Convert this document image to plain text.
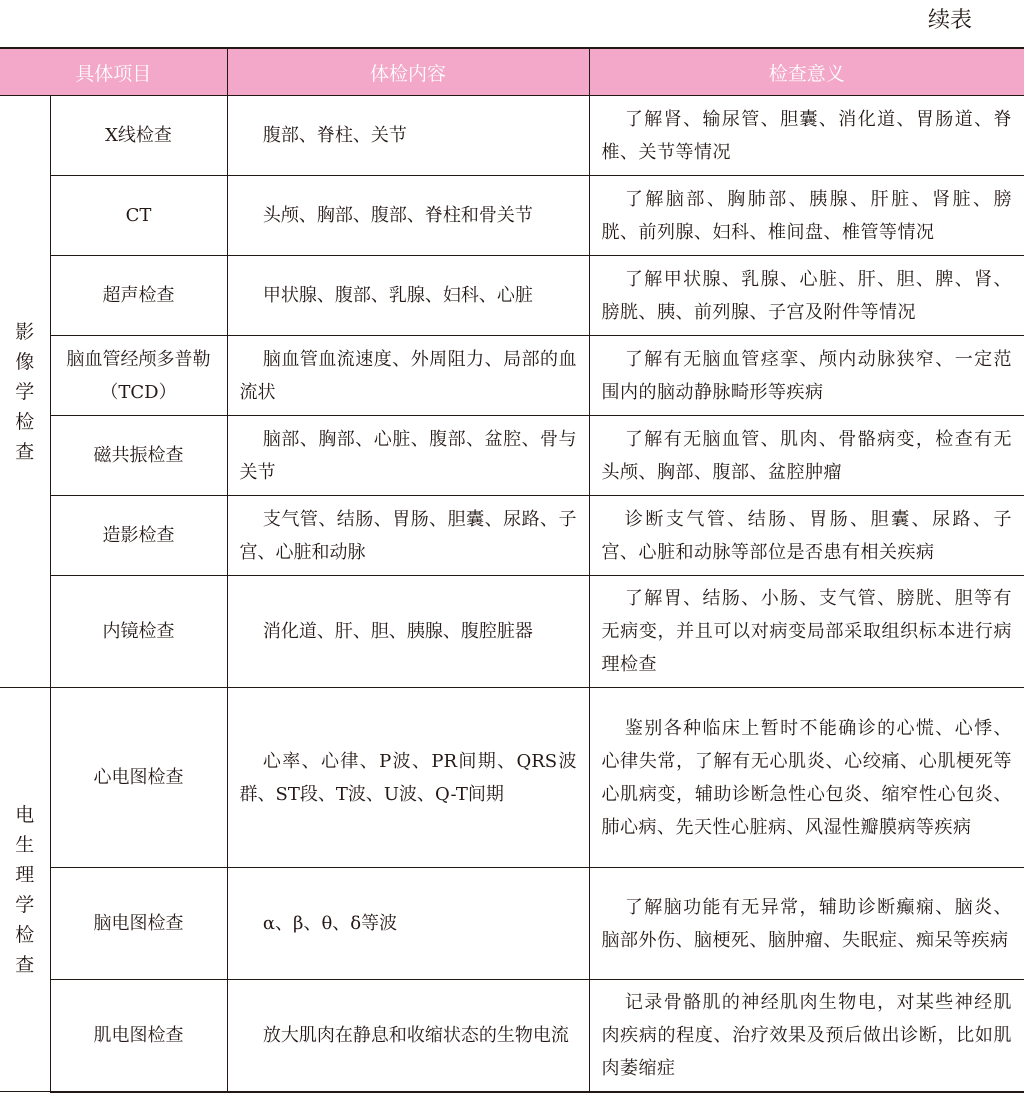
续表
具体项目		体检内容	检查意义

影像学检查	X线检查	腹部、脊柱、关节	了解肾、输尿管、胆囊、消化道、胃肠道、脊椎、关节等情况
	CT	头颅、胸部、腹部、脊柱和骨关节	了解脑部、胸肺部、胰腺、肝脏、肾脏、膀胱、前列腺、妇科、椎间盘、椎管等情况
	超声检查	甲状腺、腹部、乳腺、妇科、心脏	了解甲状腺、乳腺、心脏、肝、胆、脾、肾、膀胱、胰、前列腺、子宫及附件等情况
	脑血管经颅多普勒（TCD）	脑血管血流速度、外周阻力、局部的血流状	了解有无脑血管痉挛、颅内动脉狭窄、一定范围内的脑动静脉畸形等疾病
	磁共振检查	脑部、胸部、心脏、腹部、盆腔、骨与关节	了解有无脑血管、肌肉、骨骼病变，检查有无头颅、胸部、腹部、盆腔肿瘤
	造影检查	支气管、结肠、胃肠、胆囊、尿路、子宫、心脏和动脉	诊断支气管、结肠、胃肠、胆囊、尿路、子宫、心脏和动脉等部位是否患有相关疾病
	内镜检查	消化道、肝、胆、胰腺、腹腔脏器	了解胃、结肠、小肠、支气管、膀胱、胆等有无病变，并且可以对病变局部采取组织标本进行病理检查

电生理学检查	心电图检查	心率、心律、P波、PR间期、QRS波群、ST段、T波、U波、Q-T间期	鉴别各种临床上暂时不能确诊的心慌、心悸、心律失常，了解有无心肌炎、心绞痛、心肌梗死等心肌病变，辅助诊断急性心包炎、缩窄性心包炎、肺心病、先天性心脏病、风湿性瓣膜病等疾病
	脑电图检查	α、β、θ、δ等波	了解脑功能有无异常，辅助诊断癫痫、脑炎、脑部外伤、脑梗死、脑肿瘤、失眠症、痴呆等疾病
	肌电图检查	放大肌肉在静息和收缩状态的生物电流	记录骨骼肌的神经肌肉生物电，对某些神经肌肉疾病的程度、治疗效果及预后做出诊断，比如肌肉萎缩症
